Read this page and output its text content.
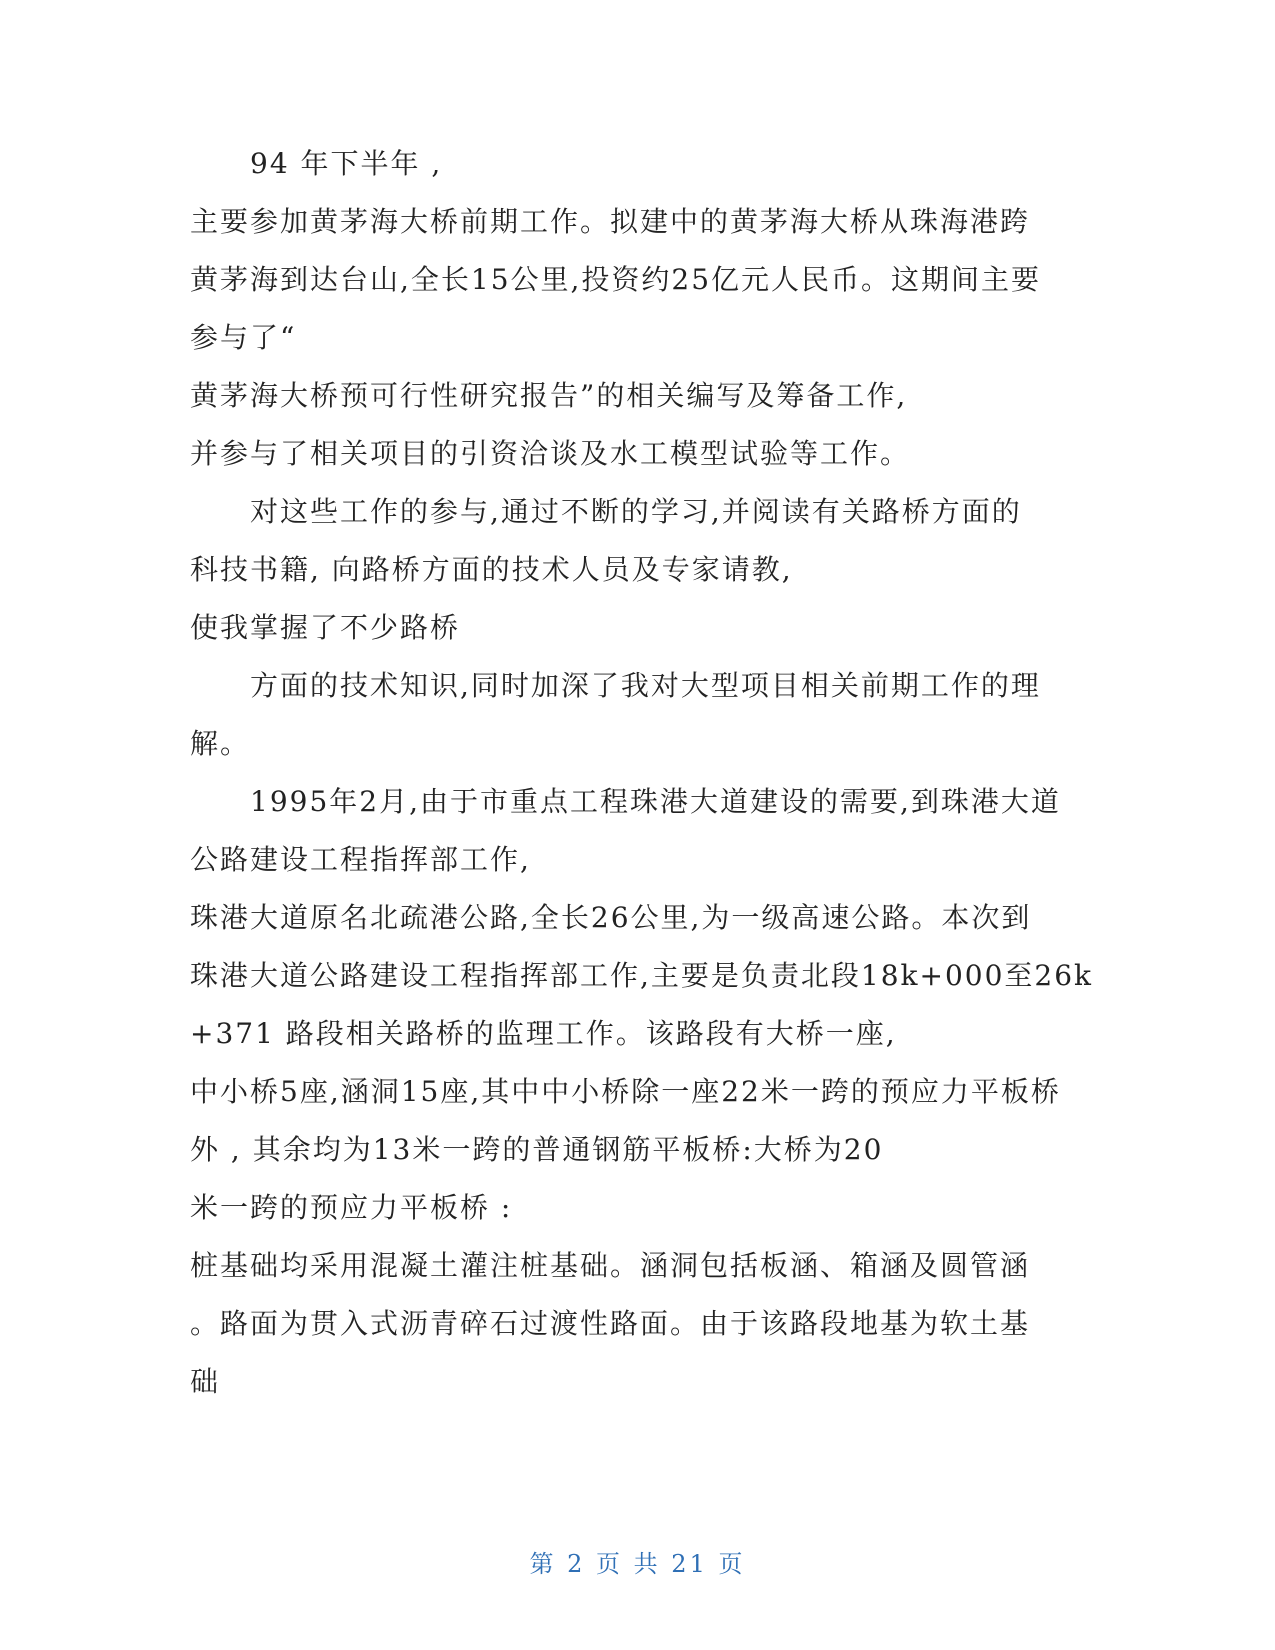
94 年下半年 ,
主要参加黄茅海大桥前期工作。拟建中的黄茅海大桥从珠海港跨
黄茅海到达台山,全长15公里,投资约25亿元人民币。这期间主要
参与了“
黄茅海大桥预可行性研究报告”的相关编写及筹备工作,
并参与了相关项目的引资洽谈及水工模型试验等工作。
对这些工作的参与,通过不断的学习,并阅读有关路桥方面的
科技书籍, 向路桥方面的技术人员及专家请教,
使我掌握了不少路桥
方面的技术知识,同时加深了我对大型项目相关前期工作的理
解。
1995年2月,由于市重点工程珠港大道建设的需要,到珠港大道
公路建设工程指挥部工作,
珠港大道原名北疏港公路,全长26公里,为一级高速公路。本次到
珠港大道公路建设工程指挥部工作,主要是负责北段18k+000至26k
+371 路段相关路桥的监理工作。该路段有大桥一座,
中小桥5座,涵洞15座,其中中小桥除一座22米一跨的预应力平板桥
外 , 其余均为13米一跨的普通钢筋平板桥:大桥为20
米一跨的预应力平板桥 :
桩基础均采用混凝土灌注桩基础。涵洞包括板涵、箱涵及圆管涵
。路面为贯入式沥青碎石过渡性路面。由于该路段地基为软土基
础
第 2 页 共 21 页
